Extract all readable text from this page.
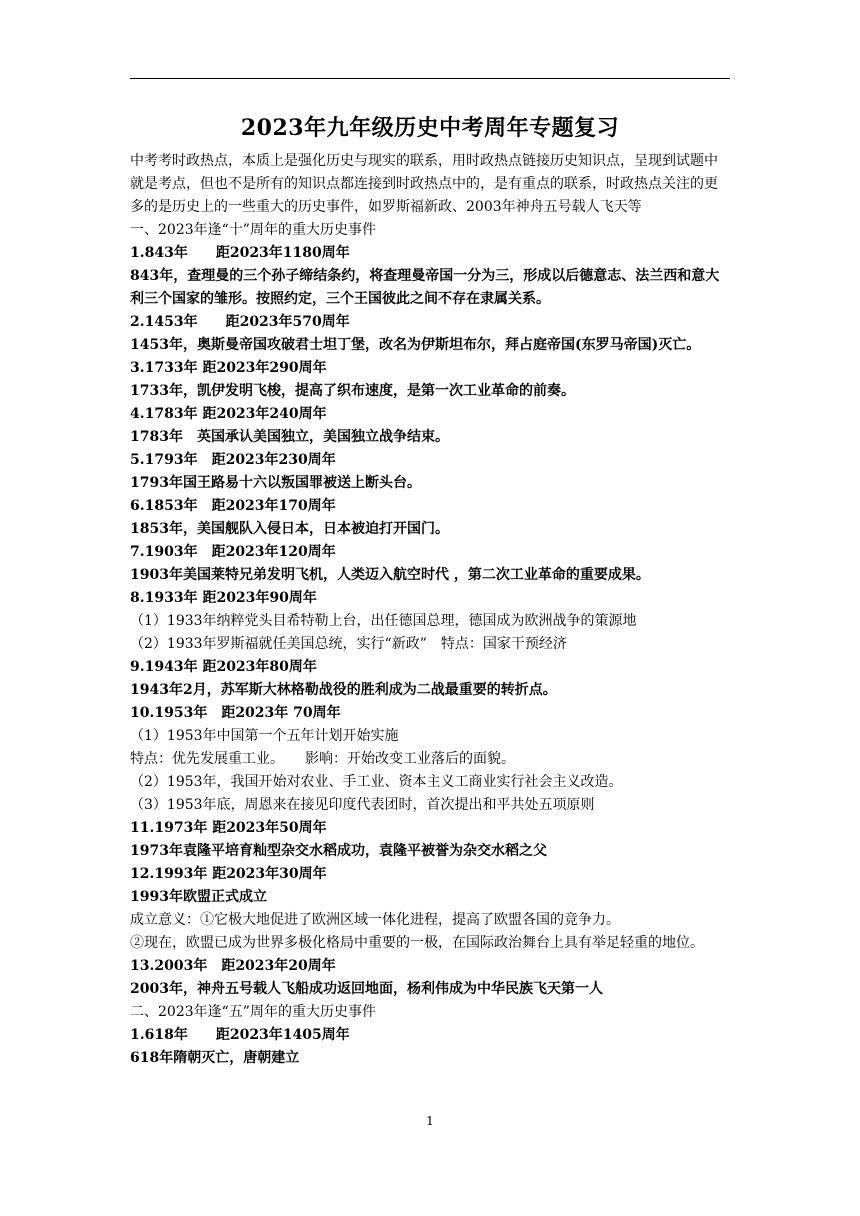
2023年九年级历史中考周年专题复习

中考考时政热点，本质上是强化历史与现实的联系，用时政热点链接历史知识点，呈现到试题中就是考点，但也不是所有的知识点都连接到时政热点中的，是有重点的联系，时政热点关注的更多的是历史上的一些重大的历史事件，如罗斯福新政、2003年神舟五号载人飞天等

一、2023年逢“十”周年的重大历史事件

1.843年　　距2023年1180周年

843年，查理曼的三个孙子缔结条约，将查理曼帝国一分为三，形成以后德意志、法兰西和意大利三个国家的雏形。按照约定，三个王国彼此之间不存在隶属关系。

2.1453年　　距2023年570周年

1453年，奥斯曼帝国攻破君士坦丁堡，改名为伊斯坦布尔，拜占庭帝国(东罗马帝国)灭亡。

3.1733年 距2023年290周年

1733年，凯伊发明飞梭，提高了织布速度，是第一次工业革命的前奏。

4.1783年 距2023年240周年

1783年　英国承认美国独立，美国独立战争结束。

5.1793年　距2023年230周年

1793年国王路易十六以叛国罪被送上断头台。

6.1853年　距2023年170周年

1853年，美国舰队入侵日本，日本被迫打开国门。

7.1903年　距2023年120周年

1903年美国莱特兄弟发明飞机，人类迈入航空时代 ，第二次工业革命的重要成果。

8.1933年 距2023年90周年

（1）1933年纳粹党头目希特勒上台，出任德国总理，德国成为欧洲战争的策源地

（2）1933年罗斯福就任美国总统，实行“新政”　特点：国家干预经济

9.1943年 距2023年80周年

1943年2月，苏军斯大林格勒战役的胜利成为二战最重要的转折点。

10.1953年　距2023年 70周年

（1）1953年中国第一个五年计划开始实施

特点：优先发展重工业。　　影响：开始改变工业落后的面貌。

（2）1953年，我国开始对农业、手工业、资本主义工商业实行社会主义改造。

（3）1953年底，周恩来在接见印度代表团时，首次提出和平共处五项原则

11.1973年 距2023年50周年

1973年袁隆平培育籼型杂交水稻成功，袁隆平被誉为杂交水稻之父

12.1993年 距2023年30周年

1993年欧盟正式成立

成立意义：①它极大地促进了欧洲区域一体化进程，提高了欧盟各国的竞争力。

②现在，欧盟已成为世界多极化格局中重要的一极，在国际政治舞台上具有举足轻重的地位。

13.2003年　距2023年20周年

2003年，神舟五号载人飞船成功返回地面，杨利伟成为中华民族飞天第一人

二、2023年逢“五”周年的重大历史事件

1.618年　　距2023年1405周年

618年隋朝灭亡，唐朝建立

1
